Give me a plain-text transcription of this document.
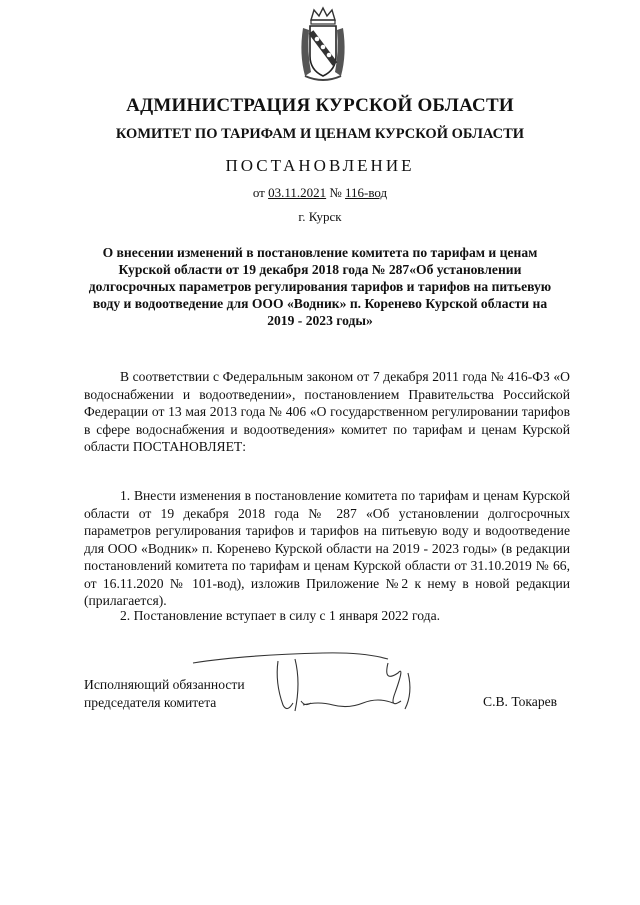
АДМИНИСТРАЦИЯ КУРСКОЙ ОБЛАСТИ
КОМИТЕТ ПО ТАРИФАМ И ЦЕНАМ КУРСКОЙ ОБЛАСТИ
ПОСТАНОВЛЕНИЕ
от 03.11.2021 № 116-вод
г. Курск
О внесении изменений в постановление комитета по тарифам и ценам Курской области от 19 декабря 2018 года № 287«Об установлении долгосрочных параметров регулирования тарифов и тарифов на питьевую воду и водоотведение для ООО «Водник» п. Коренево Курской области на 2019 - 2023 годы»
В соответствии с Федеральным законом от 7 декабря 2011 года № 416-ФЗ «О водоснабжении и водоотведении», постановлением Правительства Российской Федерации от 13 мая 2013 года № 406 «О государственном регулировании тарифов в сфере водоснабжения и водоотведения» комитет по тарифам и ценам Курской области ПОСТАНОВЛЯЕТ:
1. Внести изменения в постановление комитета по тарифам и ценам Курской области от 19 декабря 2018 года № 287 «Об установлении долгосрочных параметров регулирования тарифов и тарифов на питьевую воду и водоотведение для ООО «Водник» п. Коренево Курской области на 2019 - 2023 годы» (в редакции постановлений комитета по тарифам и ценам Курской области от 31.10.2019 № 66, от 16.11.2020 № 101-вод), изложив Приложение №2 к нему в новой редакции (прилагается).
2. Постановление вступает в силу с 1 января 2022 года.
Исполняющий обязанности
председателя комитета	С.В. Токарев
